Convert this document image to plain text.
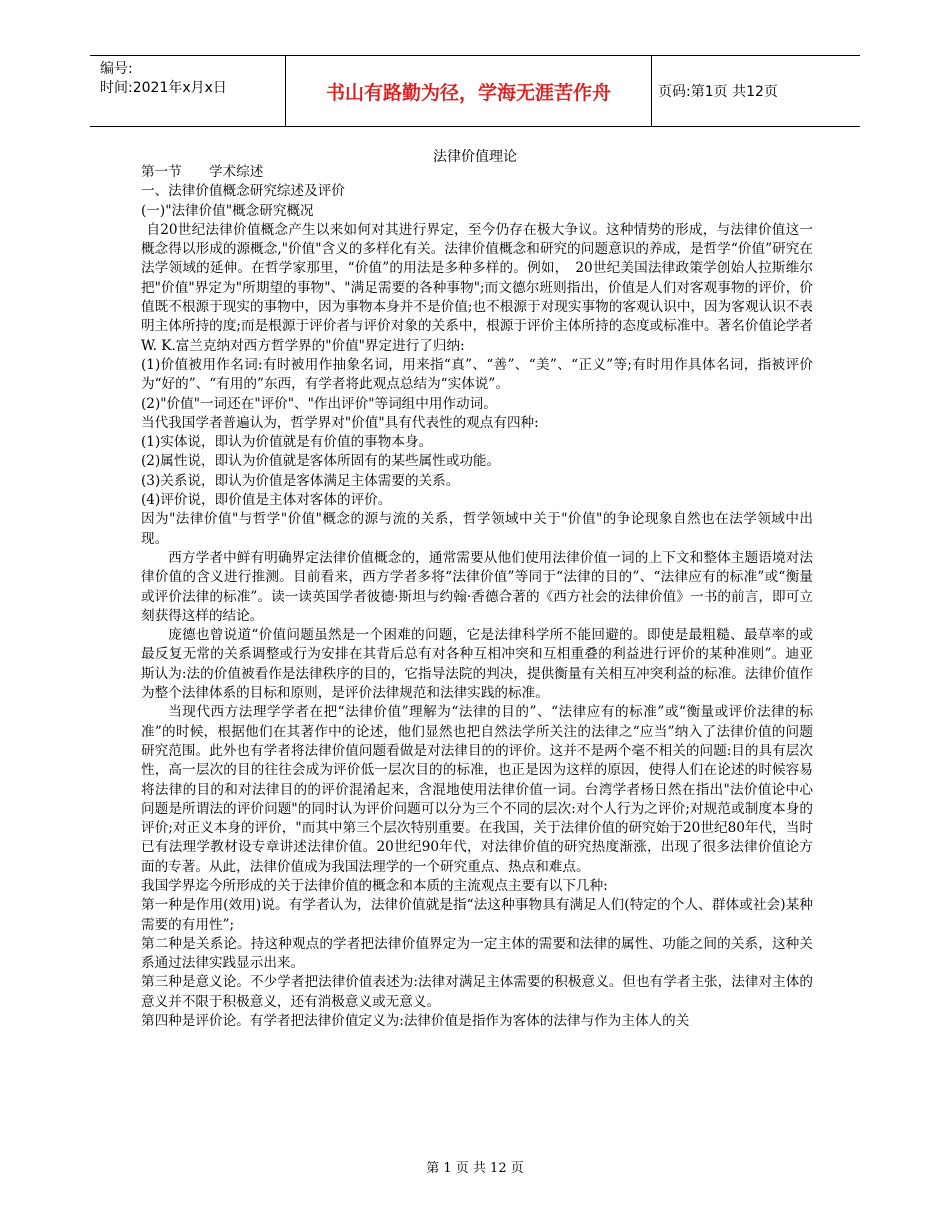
编号:
时间:2021年x月x日	书山有路勤为径，学海无涯苦作舟	页码:第1页 共12页
法律价值理论

第一节　　学术综述

一、法律价值概念研究综述及评价

(一)"法律价值"概念研究概况

自20世纪法律价值概念产生以来如何对其进行界定，至今仍存在极大争议。这种情势的形成，与法律价值这一概念得以形成的源概念,"价值"含义的多样化有关。法律价值概念和研究的问题意识的养成，是哲学“价值”研究在法学领域的延伸。在哲学家那里，“价值”的用法是多种多样的。例如，　20世纪美国法律政策学创始人拉斯维尔把"价值"界定为"所期望的事物"、"满足需要的各种事物";而文德尔班则指出，价值是人们对客观事物的评价，价值既不根源于现实的事物中，因为事物本身并不是价值;也不根源于对现实事物的客观认识中，因为客观认识不表明主体所持的度;而是根源于评价者与评价对象的关系中，根源于评价主体所持的态度或标准中。著名价值论学者W. K.富兰克纳对西方哲学界的"价值"界定进行了归纳:

(1)价值被用作名词:有时被用作抽象名词，用来指“真”、“善”、“美”、“正义”等;有时用作具体名词，指被评价为“好的”、“有用的”东西，有学者将此观点总结为“实体说”。

(2)"价值"一词还在"评价"、"作出评价"等词组中用作动词。

当代我国学者普遍认为，哲学界对"价值"具有代表性的观点有四种:

(1)实体说，即认为价值就是有价值的事物本身。

(2)属性说，即认为价值就是客体所固有的某些属性或功能。

(3)关系说，即认为价值是客体满足主体需要的关系。

(4)评价说，即价值是主体对客体的评价。

因为"法律价值"与哲学"价值"概念的源与流的关系，哲学领域中关于"价值"的争论现象自然也在法学领域中出现。

西方学者中鲜有明确界定法律价值概念的，通常需要从他们使用法律价值一词的上下文和整体主题语境对法律价值的含义进行推测。目前看来，西方学者多将“法律价值”等同于“法律的目的”、“法律应有的标准”或“衡量或评价法律的标准”。读一读英国学者彼德·斯坦与约翰·香德合著的《西方社会的法律价值》一书的前言，即可立刻获得这样的结论。

庞德也曾说道“价值问题虽然是一个困难的问题，它是法律科学所不能回避的。即使是最粗糙、最草率的或最反复无常的关系调整或行为安排在其背后总有对各种互相冲突和互相重叠的利益进行评价的某种准则”。迪亚斯认为:法的价值被看作是法律秩序的目的，它指导法院的判决，提供衡量有关相互冲突利益的标准。法律价值作为整个法律体系的目标和原则，是评价法律规范和法律实践的标准。

当现代西方法理学学者在把“法律价值”理解为“法律的目的”、“法律应有的标准”或“衡量或评价法律的标准”的时候，根据他们在其著作中的论述，他们显然也把自然法学所关注的法律之“应当”纳入了法律价值的问题研究范围。此外也有学者将法律价值问题看做是对法律目的的评价。这并不是两个毫不相关的问题:目的具有层次性，高一层次的目的往往会成为评价低一层次目的的标准，也正是因为这样的原因，使得人们在论述的时候容易将法律的目的和对法律目的的评价混淆起来，含混地使用法律价值一词。台湾学者杨日然在指出"法价值论中心问题是所谓法的评价问题"的同时认为评价问题可以分为三个不同的层次:对个人行为之评价;对规范或制度本身的评价;对正义本身的评价，"而其中第三个层次特别重要。在我国，关于法律价值的研究始于20世纪80年代，当时已有法理学教材设专章讲述法律价值。20世纪90年代，对法律价值的研究热度渐涨，出现了很多法律价值论方面的专著。从此，法律价值成为我国法理学的一个研究重点、热点和难点。

我国学界迄今所形成的关于法律价值的概念和本质的主流观点主要有以下几种:

第一种是作用(效用)说。有学者认为，法律价值就是指“法这种事物具有满足人们(特定的个人、群体或社会)某种需要的有用性”;

第二种是关系论。持这种观点的学者把法律价值界定为一定主体的需要和法律的属性、功能之间的关系，这种关系通过法律实践显示出来。

第三种是意义论。不少学者把法律价值表述为:法律对满足主体需要的积极意义。但也有学者主张，法律对主体的意义并不限于积极意义，还有消极意义或无意义。

第四种是评价论。有学者把法律价值定义为:法律价值是指作为客体的法律与作为主体人的关

第 1 页 共 12 页
